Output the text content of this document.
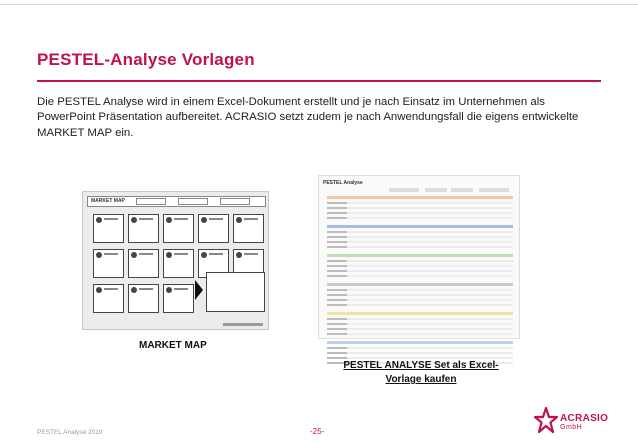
PESTEL-Analyse Vorlagen

Die PESTEL Analyse wird in einem Excel-Dokument erstellt und je nach Einsatz im Unternehmen als PowerPoint Präsentation aufbereitet. ACRASIO setzt zudem je nach Anwendungsfall die eigens entwickelte MARKET MAP ein.

MARKET MAP
MARKET MAP
PESTEL Analyse
PESTEL ANALYSE Set als Excel-Vorlage kaufen
PESTEL Analyse 2019	-25-
ACRASIO
GmbH
